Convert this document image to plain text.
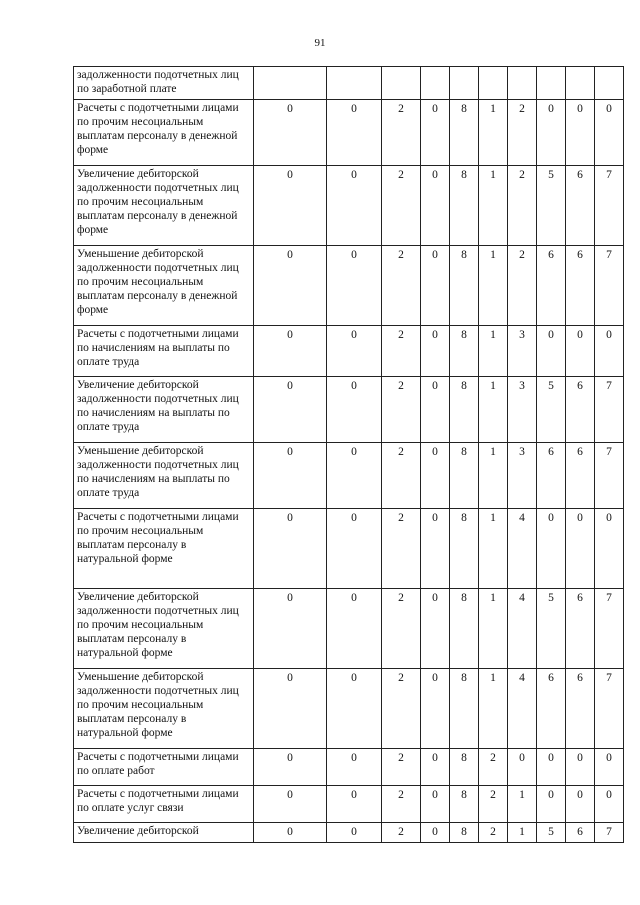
91
задолженности подотчетных лиц по заработной плате										
Расчеты с подотчетными лицами по прочим несоциальным выплатам персоналу в денежной форме	0	0	2	0	8	1	2	0	0	0
Увеличение дебиторской задолженности подотчетных лиц по прочим несоциальным выплатам персоналу в денежной форме	0	0	2	0	8	1	2	5	6	7
Уменьшение дебиторской задолженности подотчетных лиц по прочим несоциальным выплатам персоналу в денежной форме	0	0	2	0	8	1	2	6	6	7
Расчеты с подотчетными лицами по начислениям на выплаты по оплате труда	0	0	2	0	8	1	3	0	0	0
Увеличение дебиторской задолженности подотчетных лиц по начислениям на выплаты по оплате труда	0	0	2	0	8	1	3	5	6	7
Уменьшение дебиторской задолженности подотчетных лиц по начислениям на выплаты по оплате труда	0	0	2	0	8	1	3	6	6	7
Расчеты с подотчетными лицами по прочим несоциальным выплатам персоналу в натуральной форме	0	0	2	0	8	1	4	0	0	0
Увеличение дебиторской задолженности подотчетных лиц по прочим несоциальным выплатам персоналу в натуральной форме	0	0	2	0	8	1	4	5	6	7
Уменьшение дебиторской задолженности подотчетных лиц по прочим несоциальным выплатам персоналу в натуральной форме	0	0	2	0	8	1	4	6	6	7
Расчеты с подотчетными лицами по оплате работ	0	0	2	0	8	2	0	0	0	0
Расчеты с подотчетными лицами по оплате услуг связи	0	0	2	0	8	2	1	0	0	0
Увеличение дебиторской	0	0	2	0	8	2	1	5	6	7
